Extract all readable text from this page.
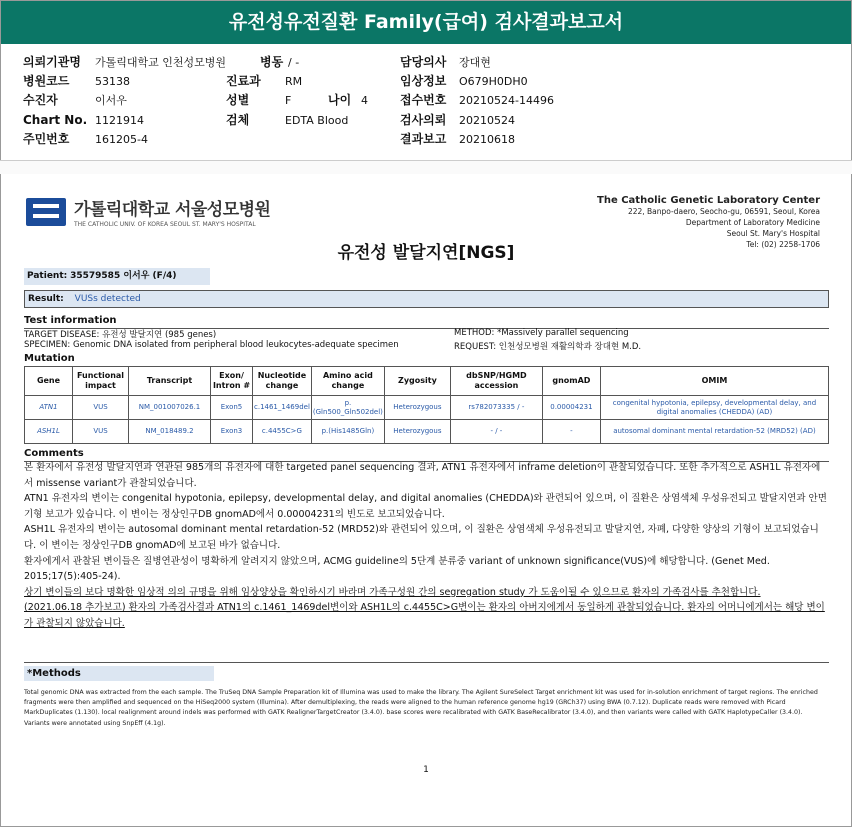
유전성유전질환 Family(급여) 검사결과보고서
의뢰기관명 가톨릭대학교 인천성모병원	병동 / -	담당의사 장대현
병원코드 53138	진료과 RM	임상정보 O679H0DH0
수진자	이서우	성별	F	나이 4	접수번호 20210524-14496
Chart No. 1121914	검체	EDTA Blood	검사의뢰 20210524
주민번호 161205-4	결과보고 20210618
가톨릭대학교 서울성모병원
THE CATHOLIC UNIV. OF KOREA SEOUL ST. MARY'S HOSPITAL
The Catholic Genetic Laboratory Center
222, Banpo-daero, Seocho-gu, 06591, Seoul, Korea
Department of Laboratory Medicine
Seoul St. Mary's Hospital
Tel: (02) 2258-1706
유전성 발달지연[NGS]
Patient: 35579585 이서우 (F/4)
Result: VUSs detected
Test information
TARGET DISEASE: 유전성 발달지연 (985 genes)
SPECIMEN: Genomic DNA isolated from peripheral blood leukocytes-adequate specimen
METHOD: *Massively parallel sequencing
REQUEST: 인천성모병원 재활의학과 장대현 M.D.
Mutation
Gene	Functional impact	Transcript	Exon/ Intron #	Nucleotide change	Amino acid change	Zygosity	dbSNP/HGMD accession	gnomAD	OMIM
ATN1	VUS	NM_001007026.1	Exon5	c.1461_1469del	p.(Gln500_Gln502del)	Heterozygous	rs782073335 / -	0.00004231	congenital hypotonia, epilepsy, developmental delay, and digital anomalies (CHEDDA) (AD)
ASH1L	VUS	NM_018489.2	Exon3	c.4455C>G	p.(His1485Gln)	Heterozygous	- / -	-	autosomal dominant mental retardation-52 (MRD52) (AD)
Comments

본 환자에서 유전성 발달지연과 연관된 985개의 유전자에 대한 targeted panel sequencing 결과, ATN1 유전자에서 inframe deletion이 관찰되었습니다. 또한 추가적으로 ASH1L 유전자에서 missense variant가 관찰되었습니다.

ATN1 유전자의 변이는 congenital hypotonia, epilepsy, developmental delay, and digital anomalies (CHEDDA)와 관련되어 있으며, 이 질환은 상염색체 우성유전되고 발달지연과 안면기형 보고가 있습니다. 이 변이는 정상인구DB gnomAD에서 0.00004231의 빈도로 보고되었습니다.

ASH1L 유전자의 변이는 autosomal dominant mental retardation-52 (MRD52)와 관련되어 있으며, 이 질환은 상염색체 우성유전되고 발달지연, 자폐, 다양한 양상의 기형이 보고되었습니다. 이 변이는 정상인구DB gnomAD에 보고된 바가 없습니다.

환자에게서 관찰된 변이들은 질병연관성이 명확하게 알려지지 않았으며, ACMG guideline의 5단계 분류중 variant of unknown significance(VUS)에 해당합니다. (Genet Med. 2015;17(5):405-24).

상기 변이들의 보다 명확한 임상적 의의 규명을 위해 임상양상을 확인하시기 바라며 가족구성원 간의 segregation study 가 도움이될 수 있으므로 환자의 가족검사를 추천합니다.

(2021.06.18 추가보고) 환자의 가족검사결과 ATN1의 c.1461_1469del변이와 ASH1L의 c.4455C>G변이는 환자의 아버지에게서 동일하게 관찰되었습니다. 환자의 어머니에게서는 해당 변이가 관찰되지 않았습니다.

*Methods
Total genomic DNA was extracted from the each sample. The TruSeq DNA Sample Preparation kit of Illumina was used to make the library. The Agilent SureSelect Target enrichment kit was used for in-solution enrichment of target regions. The enriched fragments were then amplified and sequenced on the HiSeq2000 system (Illumina). After demultiplexing, the reads were aligned to the human reference genome hg19 (GRCh37) using BWA (0.7.12). Duplicate reads were removed with Picard MarkDuplicates (1.130). local realignment around indels was performed with GATK RealignerTargetCreator (3.4.0). base scores were recalibrated with GATK BaseRecalibrator (3.4.0), and then variants were called with GATK HaplotypeCaller (3.4.0). Variants were annotated using SnpEff (4.1g).
1
